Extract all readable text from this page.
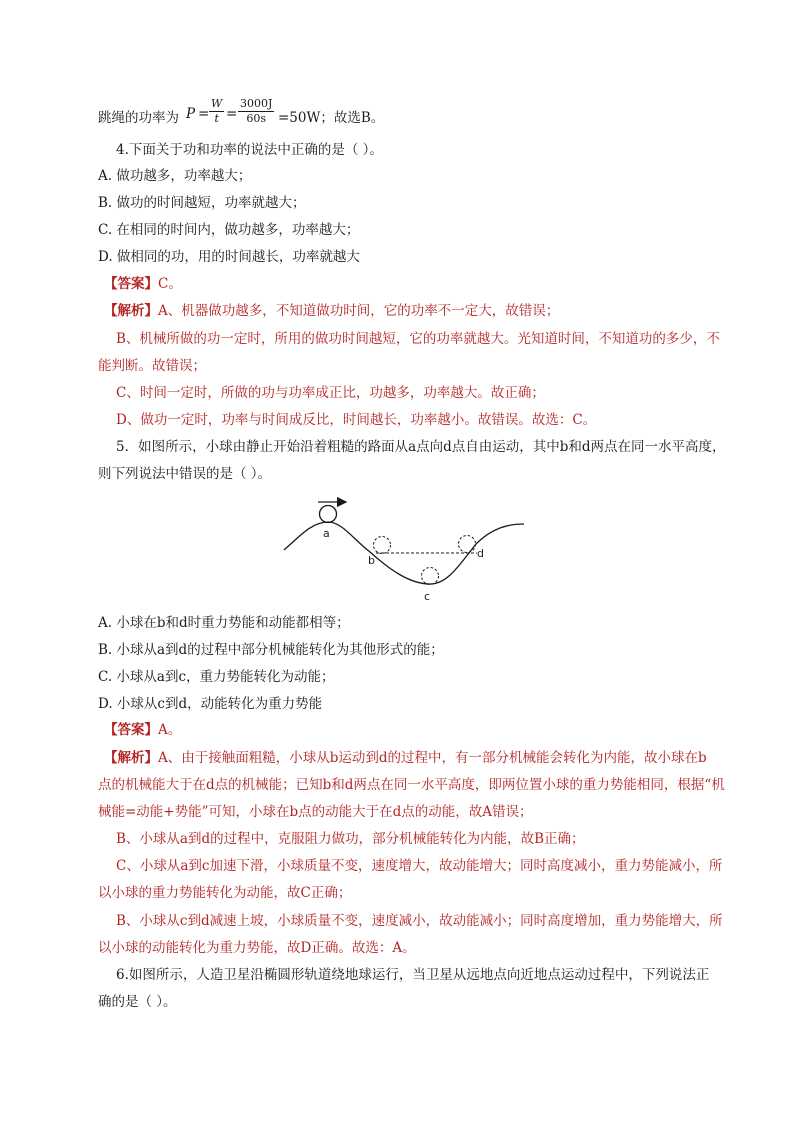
跳绳的功率为 $P = \frac{W}{t} = \frac{3000J}{60s} =50W$；故选B。
4.下面关于功和功率的说法中正确的是（ ）。
A. 做功越多，功率越大；
B. 做功的时间越短，功率就越大；
C. 在相同的时间内，做功越多，功率越大；
D. 做相同的功，用的时间越长，功率就越大
【答案】C。
【解析】A、机器做功越多，不知道做功时间，它的功率不一定大，故错误；
B、机械所做的功一定时，所用的做功时间越短，它的功率就越大。光知道时间，不知道功的多少，不
能判断。故错误；
C、时间一定时，所做的功与功率成正比，功越多，功率越大。故正确；
D、做功一定时，功率与时间成反比，时间越长，功率越小。故错误。故选：C。
5．如图所示，小球由静止开始沿着粗糙的路面从a点向d点自由运动，其中b和d两点在同一水平高度，
则下列说法中错误的是（ ）。
a
b
c
d
A. 小球在b和d时重力势能和动能都相等；
B. 小球从a到d的过程中部分机械能转化为其他形式的能；
C. 小球从a到c，重力势能转化为动能；
D. 小球从c到d，动能转化为重力势能
【答案】A。
【解析】A、由于接触面粗糙，小球从b运动到d的过程中，有一部分机械能会转化为内能，故小球在b
点的机械能大于在d点的机械能；已知b和d两点在同一水平高度，即两位置小球的重力势能相同，根据“机
械能=动能+势能”可知，小球在b点的动能大于在d点的动能，故A错误；
B、小球从a到d的过程中，克服阻力做功，部分机械能转化为内能，故B正确；
C、小球从a到c加速下滑，小球质量不变，速度增大，故动能增大；同时高度减小，重力势能减小，所
以小球的重力势能转化为动能，故C正确；
B、小球从c到d减速上坡，小球质量不变，速度减小，故动能减小；同时高度增加，重力势能增大，所
以小球的动能转化为重力势能，故D正确。故选：A。
6.如图所示，人造卫星沿椭圆形轨道绕地球运行，当卫星从远地点向近地点运动过程中，下列说法正
确的是（ ）。
